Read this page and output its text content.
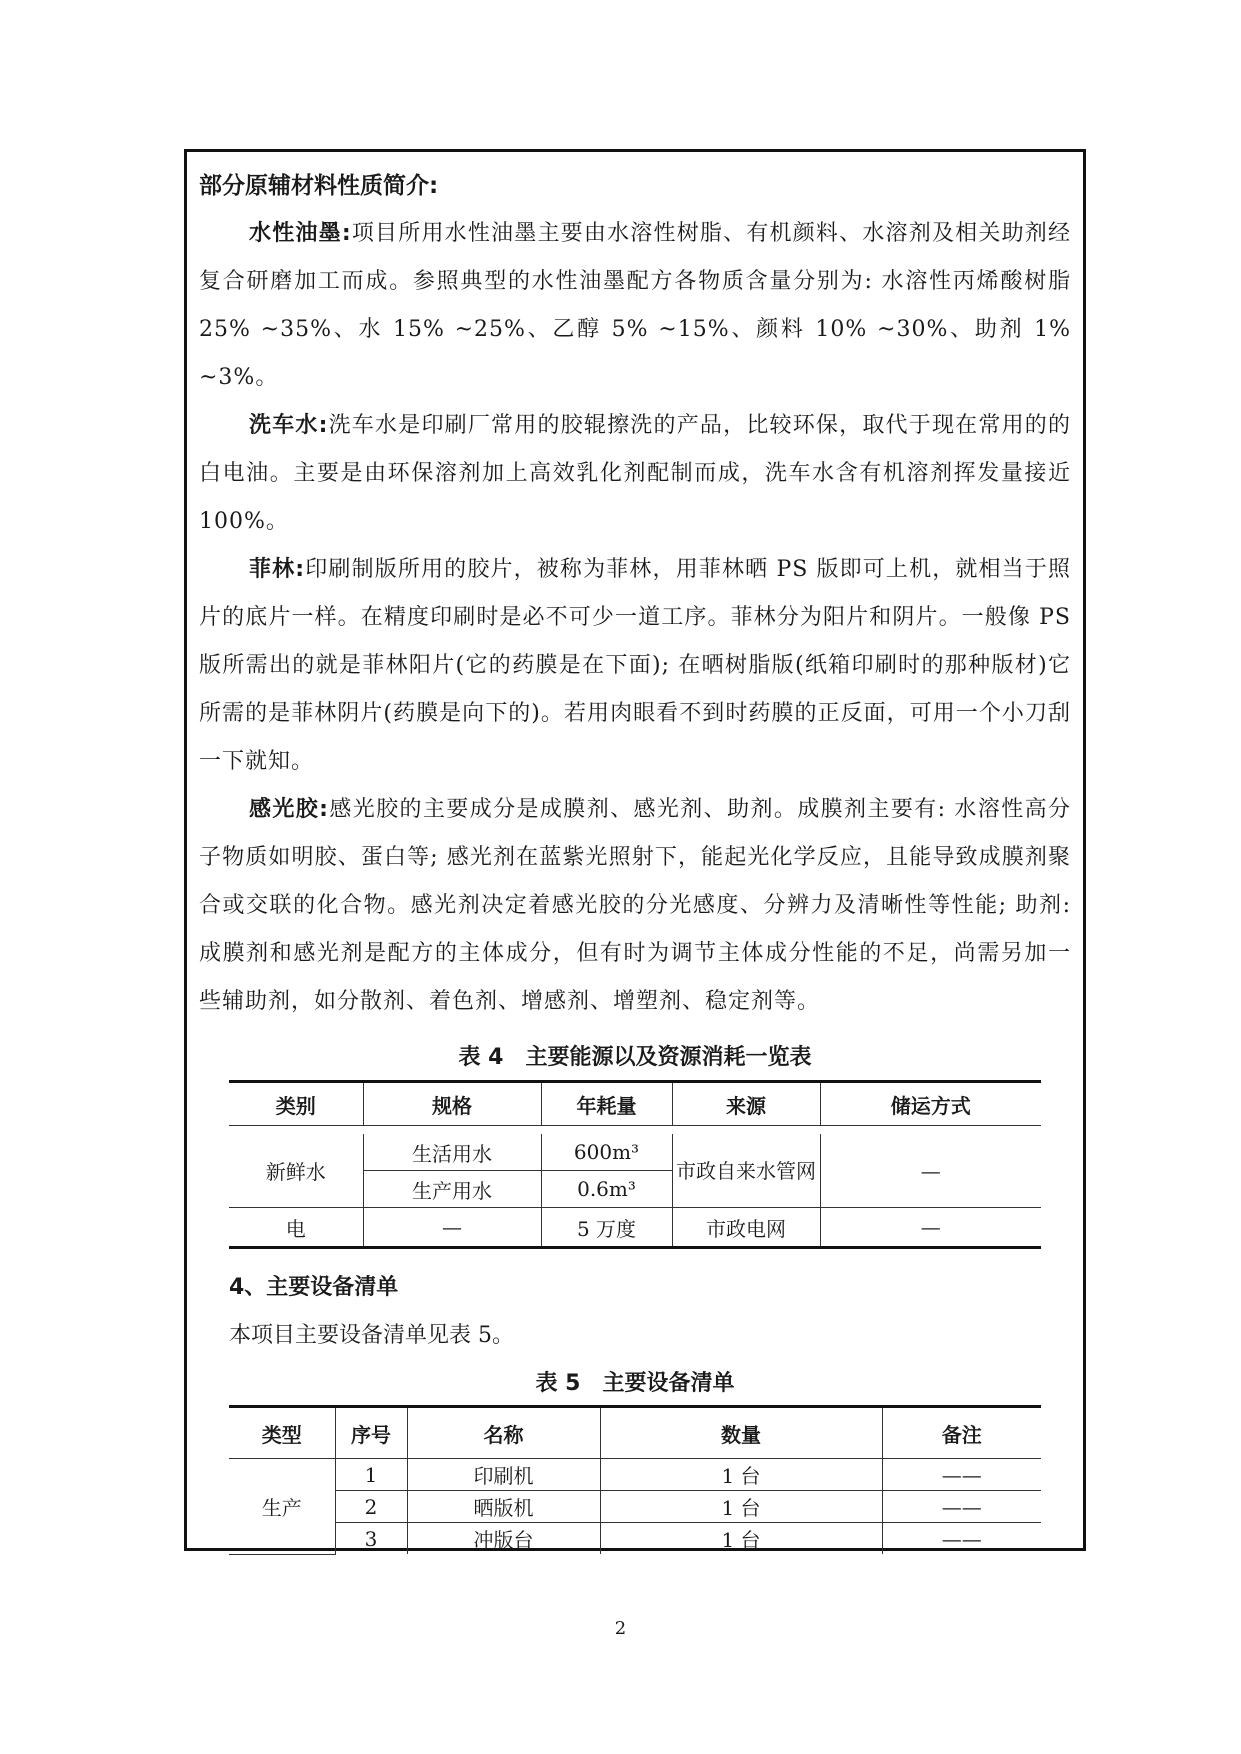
部分原辅材料性质简介:

水性油墨:项目所用水性油墨主要由水溶性树脂、有机颜料、水溶剂及相关助剂经复合研磨加工而成。参照典型的水性油墨配方各物质含量分别为: 水溶性丙烯酸树脂 25% ~35%、水 15% ~25%、乙醇 5% ~15%、颜料 10% ~30%、助剂 1% ~3%。

洗车水:洗车水是印刷厂常用的胶辊擦洗的产品，比较环保，取代于现在常用的的白电油。主要是由环保溶剂加上高效乳化剂配制而成，洗车水含有机溶剂挥发量接近 100%。

菲林:印刷制版所用的胶片，被称为菲林，用菲林晒 PS 版即可上机，就相当于照片的底片一样。在精度印刷时是必不可少一道工序。菲林分为阳片和阴片。一般像 PS 版所需出的就是菲林阳片(它的药膜是在下面); 在晒树脂版(纸箱印刷时的那种版材)它所需的是菲林阴片(药膜是向下的)。若用肉眼看不到时药膜的正反面，可用一个小刀刮一下就知。

感光胶:感光胶的主要成分是成膜剂、感光剂、助剂。成膜剂主要有: 水溶性高分子物质如明胶、蛋白等; 感光剂在蓝紫光照射下，能起光化学反应，且能导致成膜剂聚合或交联的化合物。感光剂决定着感光胶的分光感度、分辨力及清晰性等性能; 助剂: 成膜剂和感光剂是配方的主体成分，但有时为调节主体成分性能的不足，尚需另加一些辅助剂，如分散剂、着色剂、增感剂、增塑剂、稳定剂等。

表 4　主要能源以及资源消耗一览表
类别	规格	年耗量	来源	储运方式

新鲜水	生活用水	600m³	市政自来水管网	—
	生产用水	0.6m³		
电	—	5 万度	市政电网	—
4、主要设备清单
本项目主要设备清单见表 5。
表 5　主要设备清单
类型	序号	名称	数量	备注
生产	1	印刷机	1 台	——
	2	晒版机	1 台	——
	3	冲版台	1 台	——
2
